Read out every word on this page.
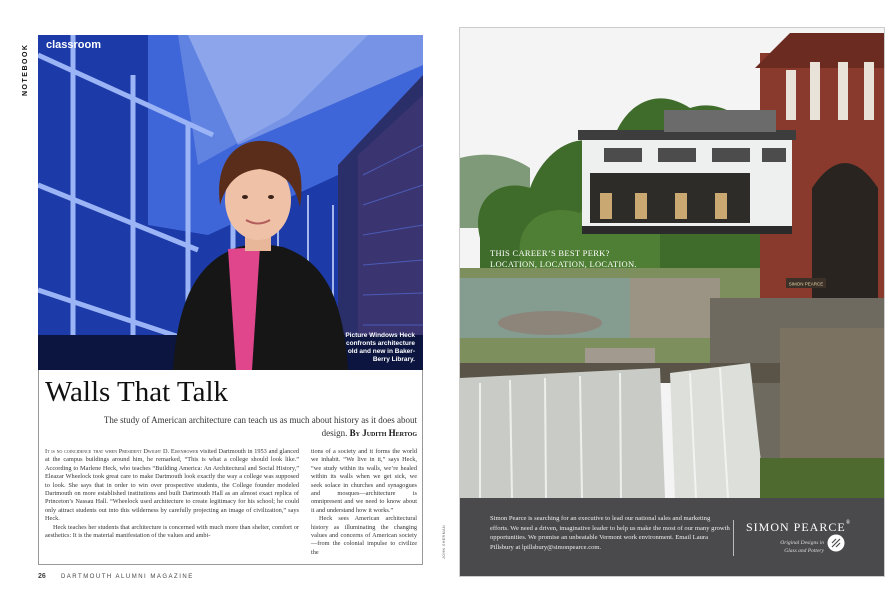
NOTEBOOK	classroom
Picture Windows Heck confronts architecture old and new in Baker-Berry Library.
Walls That Talk
The study of American architecture can teach us as much about history as it does about design. By Judith Hertog

It is no coincidence that when President Dwight D. Eisenhower visited Dartmouth in 1953 and glanced at the campus buildings around him, he remarked, “This is what a college should look like.” According to Marlene Heck, who teaches “Building America: An Architectural and Social History,” Eleazar Wheelock took great care to make Dartmouth look exactly the way a college was supposed to look. She says that in order to win over prospective students, the College founder modeled Dartmouth on more established institutions and built Dartmouth Hall as an almost exact replica of Princeton’s Nassau Hall. “Wheelock used architecture to create legitimacy for his school; he could only attract students out into this wilderness by carefully projecting an image of civilization,” says Heck.

Heck teaches her students that architecture is concerned with much more than shelter, comfort or aesthetics: It is the material manifestation of the values and ambi-

tions of a society and it forms the world we inhabit. “We live in it,” says Heck, “we study within its walls, we’re healed within its walls when we get sick, we seek solace in churches and synagogues and mosques—architecture is omnipresent and we need to know about it and understand how it works.”

Heck sees American architectural history as illuminating the changing values and concerns of American society—from the colonial impulse to civilize the

26	DARTMOUTH ALUMNI MAGAZINE
JOHN SHERMAN
SIMON PEARCE
THIS CAREER’S BEST PERK?
LOCATION, LOCATION, LOCATION.
Simon Pearce is searching for an executive to lead our national sales and marketing efforts. We need a driven, imaginative leader to help us make the most of our many growth opportunities. We promise an unbeatable Vermont work environment. Email Laura Pillsbury at lpillsbury@simonpearce.com.
SIMON PEARCE®
Original Designs in
Glass and Pottery
